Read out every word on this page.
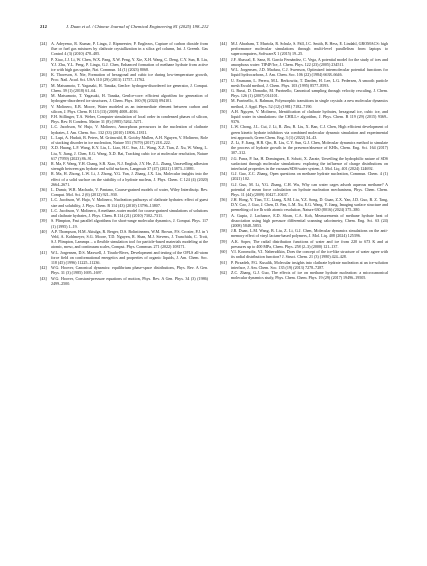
212	J. Duan et al. / Chinese Journal of Chemical Engineering 81 (2025) 198–212
[24]	A. Adeyemo, R. Kumar, P. Linga, J. Ripmeester, P. Englezos, Capture of carbon dioxide from flue or fuel gas mixtures by clathrate crystallization in a silica gel column, Int. J. Greenh. Gas Control 4 (3) (2010) 478–485.
[25]	P. Xiao, J.J. Li, W. Chen, W.X. Pang, X.W. Peng, Y. Xie, X.H. Wang, C. Deng, C.Y. Sun, B. Liu, Y.J. Zhu, Y.L. Peng, P. Linga, G.J. Chen, Enhanced formation of methane hydrate from active ice with high gas uptake, Nat. Commun. 14 (1) (2023) 8068.
[26]	K. Thoreson, S. Nie, Formation of hexagonal and cubic ice during low-temperature growth, Proc. Natl. Acad. Sci. USA 110 (29) (2013) 11757–11762.
[27]	M. Matsumoto, T. Yagasaki, H. Tanaka, GenIce: hydrogen-disordered ice generator, J. Comput. Chem. 39 (1) (2018) 61–64.
[28]	M. Matsumoto, T. Yagasaki, H. Tanaka, GenIce-core: efficient algorithm for generation of hydrogen-disordered ice structures, J. Chem. Phys. 160 (9) (2024) 094101.
[29]	V. Molinero, E.B. Moore, Water modeled as an intermediate element between carbon and silicon, J. Phys. Chem. B 113 (13) (2009) 4008–4016.
[30]	F.H. Stillinger, T.A. Weber, Computer simulation of local order in condensed phases of silicon, Phys. Rev. B Condens. Matter 31 (8) (1985) 5262–5271.
[31]	L.C. Jacobson, W. Hujo, V. Molinero, Amorphous precursors in the nucleation of clathrate hydrates, J. Am. Chem. Soc. 132 (33) (2010) 11806–11811.
[32]	L. Lupi, A. Hudait, B. Peters, M. Grünwald, R. Gotchy Mullen, A.H. Nguyen, V. Molinero, Role of stacking disorder in ice nucleation, Nature 551 (7679) (2017) 218–222.
[33]	X.D. Huang, L.F. Wang, K.Y. Liu, L. Liao, H.C. Sun, J.L. Wang, X.Z. Tian, Z. Xu, W. Wang, L. Liu, Y. Jiang, J. Chen, E.G. Wang, X.D. Bai, Tracking cubic ice at molecular resolution, Nature 617 (7959) (2023) 86–91.
[34]	R. Ma, F. Wang, Y.H. Chang, S.B. Xiao, N.J. English, J.Y. He, Z.L. Zhang, Unravelling adhesion strength between gas hydrate and solid surfaces, Langmuir 37 (47) (2021) 13873–13881.
[35]	R. Ma, H. Zhong, L.W. Li, J. Zhong, Y.G. Yan, J. Zhang, J.X. Liu, Molecular insights into the effect of a solid surface on the stability of a hydrate nucleus, J. Phys. Chem. C 124 (4) (2020) 2664–2671.
[36]	L. Dumir, W.R. Machado, V. Pantano, Coarse-grained models of water, Wiley Interdiscip. Rev. Comput. Mol. Sci. 2 (6) (2012) 921–930.
[37]	L.C. Jacobson, W. Hujo, V. Molinero, Nucleation pathways of clathrate hydrates: effect of guest size and solubility, J. Phys. Chem. B 114 (43) (2010) 13796–13807.
[38]	L.C. Jacobson, V. Molinero, A methane–water model for coarse-grained simulations of solutions and clathrate hydrates, J. Phys. Chem. B 114 (21) (2010) 7302–7311.
[39]	S. Plimpton, Fast parallel algorithms for short-range molecular dynamics, J. Comput. Phys. 117 (1) (1995) 1–19.
[40]	A.P. Thompson, H.M. Aktulga, R. Berger, D.S. Bolintineanu, W.M. Brown, P.S. Crozier, P.J. in 't Veld, A. Kohlmeyer, S.G. Moore, T.D. Nguyen, R. Shan, M.J. Stevens, J. Tranchida, C. Trott, S.J. Plimpton, Lammps – a flexible simulation tool for particle-based materials modeling at the atomic, meso, and continuum scales, Comput. Phys. Commun. 271 (2022) 108171.
[41]	W.L. Jorgensen, D.S. Maxwell, J. Tirado-Rives, Development and testing of the OPLS all-atom force field on conformational energetics and properties of organic liquids, J. Am. Chem. Soc. 118 (45) (1996) 11225–11236.
[42]	W.G. Hoover, Canonical dynamics: equilibrium phase-space distributions, Phys. Rev. A Gen. Phys. 31 (3) (1985) 1695–1697.
[43]	W.G. Hoover, Constant-pressure equations of motion, Phys. Rev. A Gen. Phys. 34 (3) (1986) 2499–2500.
[44]	M.J. Abraham, T. Murtola, R. Schulz, S. Páll, J.C. Smith, B. Hess, E. Lindahl, GROMACS: high performance molecular simulations through multi-level parallelism from laptops to supercomputers, SoftwareX 1 (2015) 19–25.
[45]	J.F. Abascal, E. Sanz, R. García Fernández, C. Vega, A potential model for the study of ices and amorphous water: TIP4P/Ice, J. Chem. Phys. 122 (23) (2005) 234511.
[46]	W.L. Jorgensen, J.D. Madura, C.J. Swenson, Optimized intermolecular potential functions for liquid hydrocarbons, J. Am. Chem. Soc. 106 (22) (1984) 6638–6646.
[47]	U. Essmann, L. Perera, M.L. Berkowitz, T. Darden, H. Lee, L.G. Pedersen, A smooth particle mesh Ewald method, J. Chem. Phys. 103 (1995) 8577–8593.
[48]	G. Bussi, D. Donadio, M. Parrinello, Canonical sampling through velocity rescaling, J. Chem. Phys. 126 (1) (2007) 014101.
[49]	M. Parrinello, A. Rahman, Polymorphic transitions in single crystals: a new molecular dynamics method, J. Appl. Phys. 52 (12) (1981) 7182–7190.
[50]	A.H. Nguyen, V. Molinero, Identification of clathrate hydrates, hexagonal ice, cubic ice, and liquid water in simulations: the CHILL+ algorithm, J. Phys. Chem. B 119 (29) (2015) 9369–9376.
[51]	L.W. Chong, J.L. Cui, J. Li, R. Zhu, B. Liu, X. Ban, C.J. Chen, High efficient development of green kinetic hydrate inhibitors via combined molecular dynamic simulation and experimental test approach, Green Chem. Eng. 3 (1) (2022) 34–43.
[52]	Z. Li, F. Jiang, H.B. Qin, B. Liu, C.Y. Sun, G.J. Chen, Molecular dynamics method to simulate the process of hydrate growth in the presence/absence of KHIs, Chem. Eng. Sci. 164 (2017) 307–312.
[53]	J.G. Parra, P. Iza, H. Dominguez, E. Schott, X. Zarate, Unveiling the hydrophilic nature of SDS surfactant through molecular simulations: exploring the influence of charge distributions on interfacial properties in the vacuum/SDS/water system, J. Mol. Liq. 401 (2024) 124692.
[54]	G.J. Guo, Z.C. Zhang, Open questions on methane hydrate nucleation, Commun. Chem. 4 (1) (2021) 102.
[55]	G.J. Guo, M. Li, Y.G. Zhang, C.H. Wu, Why can water cages adsorb aqueous methane? A potential of mean force calculation on hydrate nucleation mechanisms, Phys. Chem. Chem. Phys. 11 (44) (2009) 10427–10437.
[56]	J.H. Hong, Y. Tian, T.C. Liang, X.M. Liu, Y.Z. Song, D. Guan, Z.X. Yan, J.D. Guo, B. Z. Tang, D.Y. Cao, J. Guo, J. Chen, D. Pan, L.M. Xu, E.G. Wang, Y. Jiang, Imaging surface structure and premelting of ice Ih with atomic resolution, Nature 630 (8016) (2024) 375–380.
[57]	A. Gupta, J. Lachance, E.D. Sloan, C.A. Koh, Measurements of methane hydrate heat of dissociation using high pressure differential scanning calorimetry, Chem. Eng. Sci. 63 (24) (2008) 5848–5853.
[58]	J.R. Duan, L.M. Wang, B. Liu, Z. Li, G.J. Chen, Molecular dynamics simulations on the anti-memory effect of vinyl lactam-based polymers, J. Mol. Liq. 408 (2024) 125396.
[59]	A.K. Soper, The radial distribution functions of water and ice from 220 to 673 K and at pressures up to 400 MPa, Chem. Phys. 258 (2–3) (2000) 121–137.
[60]	V.I. Koromoltz, V.I. Nabersdikin, Does the concept of the ice-like structure of water agree with its radial distribution function? J. Struct. Chem. 21 (3) (1980) 424–428.
[61]	P. Pirzadeh, P.G. Kusalik, Molecular insights into clathrate hydrate nucleation at an ice-solution interface, J. Am. Chem. Soc. 135 (19) (2013) 7278–7287.
[62]	Z.C. Zhang, G.J. Guo, The effects of ice on methane hydrate nucleation: a microcanonical molecular dynamics study, Phys. Chem. Chem. Phys. 19 (29) (2017) 19496–19505.
